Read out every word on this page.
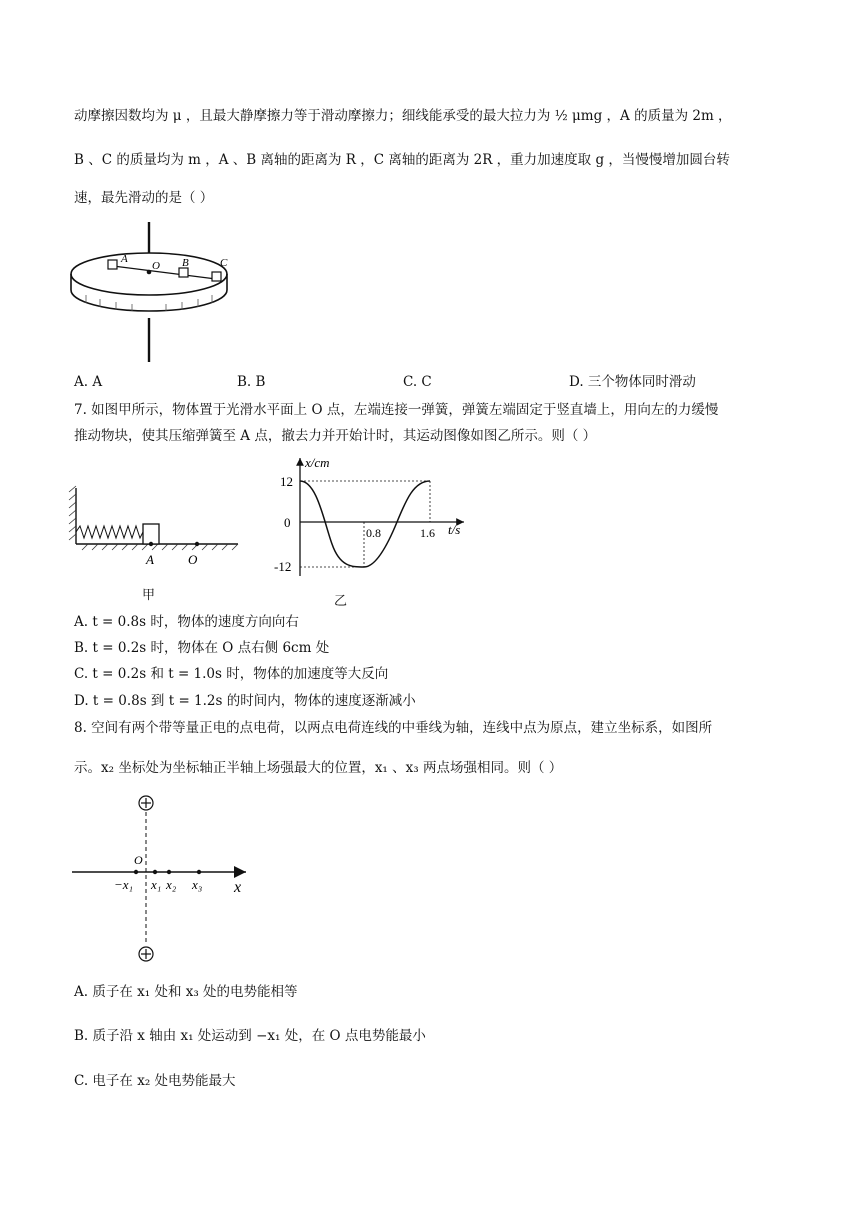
动摩擦因数均为 μ ，且最大静摩擦力等于滑动摩擦力；细线能承受的最大拉力为 ½ μmg ，A 的质量为 2m ，
B 、C 的质量均为 m ，A 、B 离轴的距离为 R ，C 离轴的距离为 2R ，重力加速度取 g ，当慢慢增加圆台转
速，最先滑动的是（ ）
A
O B	C
A. A	B. B	C. C	D. 三个物体同时滑动
7. 如图甲所示，物体置于光滑水平面上 O 点，左端连接一弹簧，弹簧左端固定于竖直墙上，用向左的力缓慢
推动物块，使其压缩弹簧至 A 点，撤去力并开始计时，其运动图像如图乙所示。则（ ）
A	O
甲
x/cm
t/s
12
0
-12
0.8	1.6
乙
A. t = 0.8s 时，物体的速度方向向右
B. t = 0.2s 时，物体在 O 点右侧 6cm 处
C. t = 0.2s 和 t = 1.0s 时，物体的加速度等大反向
D. t = 0.8s 到 t = 1.2s 的时间内，物体的速度逐渐减小
8. 空间有两个带等量正电的点电荷，以两点电荷连线的中垂线为轴，连线中点为原点，建立坐标系，如图所
示。x₂ 坐标处为坐标轴正半轴上场强最大的位置，x₁ 、x₃ 两点场强相同。则（ ）
O
−x₁ x₁ x₂ x₃ x
A. 质子在 x₁ 处和 x₃ 处的电势能相等
B. 质子沿 x 轴由 x₁ 处运动到 −x₁ 处，在 O 点电势能最小
C. 电子在 x₂ 处电势能最大
